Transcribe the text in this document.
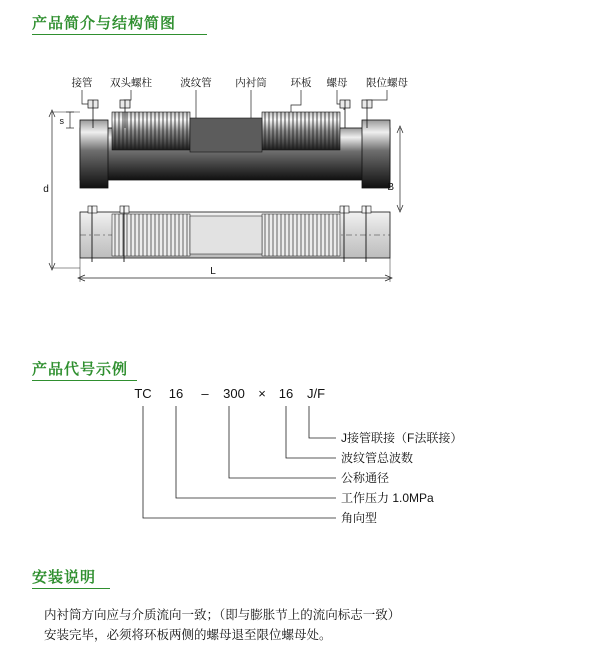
产品简介与结构简图
接管 双头螺柱	波纹管 内衬筒 环板 螺母 限位螺母
s
d	B
L
产品代号示例
TC 16 – 300 × 16 J/F
J接管联接（F法联接）
波纹管总波数
公称通径
工作压力 1.0MPa
角向型
安装说明
内衬筒方向应与介质流向一致；（即与膨胀节上的流向标志一致）
安装完毕，必须将环板两侧的螺母退至限位螺母处。
